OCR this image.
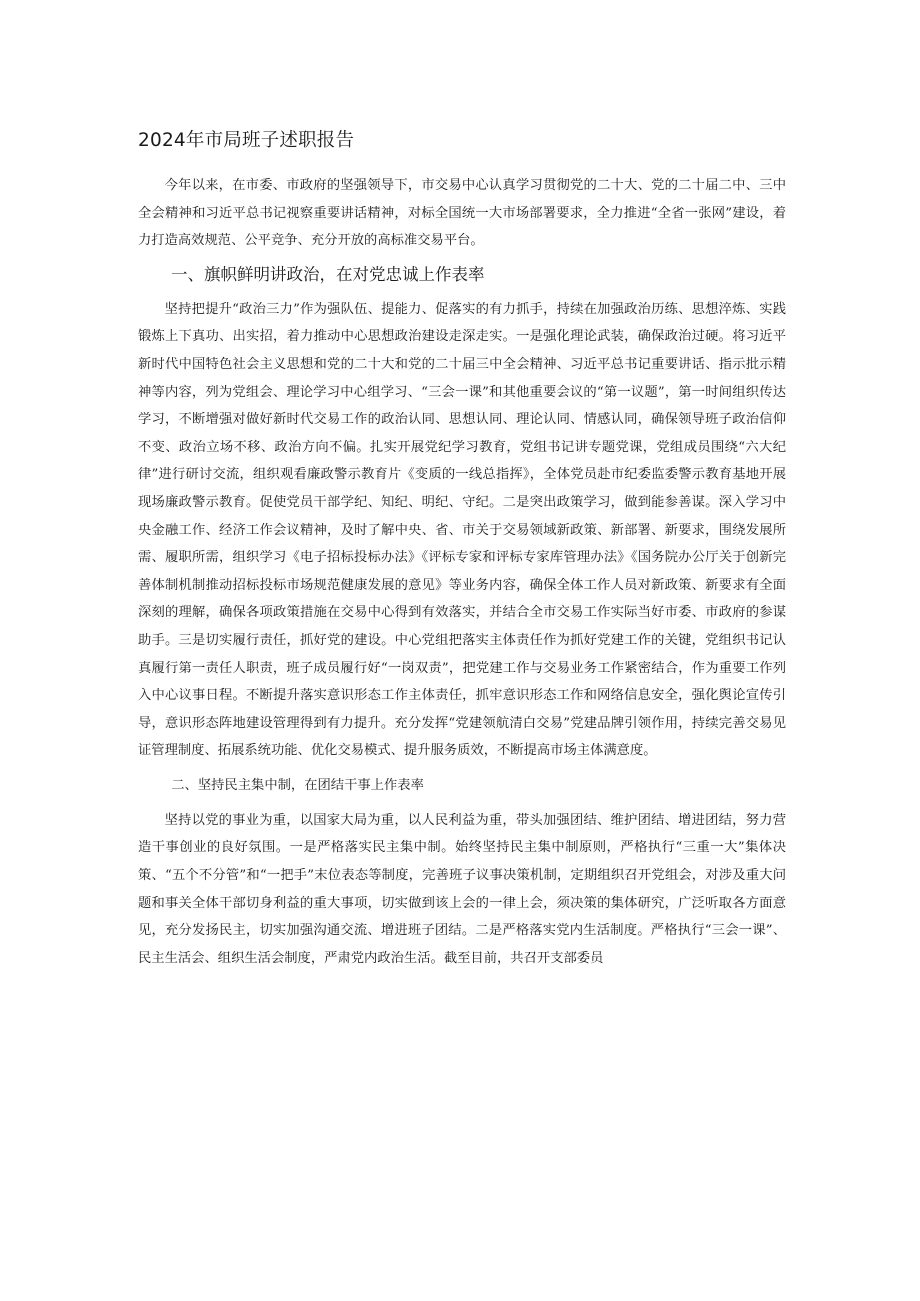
2024年市局班子述职报告

今年以来，在市委、市政府的坚强领导下，市交易中心认真学习贯彻党的二十大、党的二十届二中、三中全会精神和习近平总书记视察重要讲话精神，对标全国统一大市场部署要求，全力推进“全省一张网”建设，着力打造高效规范、公平竞争、充分开放的高标准交易平台。

一、旗帜鲜明讲政治，在对党忠诚上作表率

坚持把提升“政治三力”作为强队伍、提能力、促落实的有力抓手，持续在加强政治历练、思想淬炼、实践锻炼上下真功、出实招，着力推动中心思想政治建设走深走实。一是强化理论武装，确保政治过硬。将习近平新时代中国特色社会主义思想和党的二十大和党的二十届三中全会精神、习近平总书记重要讲话、指示批示精神等内容，列为党组会、理论学习中心组学习、“三会一课”和其他重要会议的“第一议题”，第一时间组织传达学习，不断增强对做好新时代交易工作的政治认同、思想认同、理论认同、情感认同，确保领导班子政治信仰不变、政治立场不移、政治方向不偏。扎实开展党纪学习教育，党组书记讲专题党课，党组成员围绕“六大纪律”进行研讨交流，组织观看廉政警示教育片《变质的一线总指挥》，全体党员赴市纪委监委警示教育基地开展现场廉政警示教育。促使党员干部学纪、知纪、明纪、守纪。二是突出政策学习，做到能参善谋。深入学习中央金融工作、经济工作会议精神，及时了解中央、省、市关于交易领域新政策、新部署、新要求，围绕发展所需、履职所需，组织学习《电子招标投标办法》《评标专家和评标专家库管理办法》《国务院办公厅关于创新完善体制机制推动招标投标市场规范健康发展的意见》等业务内容，确保全体工作人员对新政策、新要求有全面深刻的理解，确保各项政策措施在交易中心得到有效落实，并结合全市交易工作实际当好市委、市政府的参谋助手。三是切实履行责任，抓好党的建设。中心党组把落实主体责任作为抓好党建工作的关键，党组织书记认真履行第一责任人职责，班子成员履行好“一岗双责”，把党建工作与交易业务工作紧密结合，作为重要工作列入中心议事日程。不断提升落实意识形态工作主体责任，抓牢意识形态工作和网络信息安全，强化舆论宣传引导，意识形态阵地建设管理得到有力提升。充分发挥“党建领航清白交易”党建品牌引领作用，持续完善交易见证管理制度、拓展系统功能、优化交易模式、提升服务质效，不断提高市场主体满意度。

二、坚持民主集中制，在团结干事上作表率

坚持以党的事业为重，以国家大局为重，以人民利益为重，带头加强团结、维护团结、增进团结，努力营造干事创业的良好氛围。一是严格落实民主集中制。始终坚持民主集中制原则，严格执行“三重一大”集体决策、“五个不分管”和“一把手”末位表态等制度，完善班子议事决策机制，定期组织召开党组会，对涉及重大问题和事关全体干部切身利益的重大事项，切实做到该上会的一律上会，须决策的集体研究，广泛听取各方面意见，充分发扬民主，切实加强沟通交流、增进班子团结。二是严格落实党内生活制度。严格执行“三会一课”、民主生活会、组织生活会制度，严肃党内政治生活。截至目前，共召开支部委员
